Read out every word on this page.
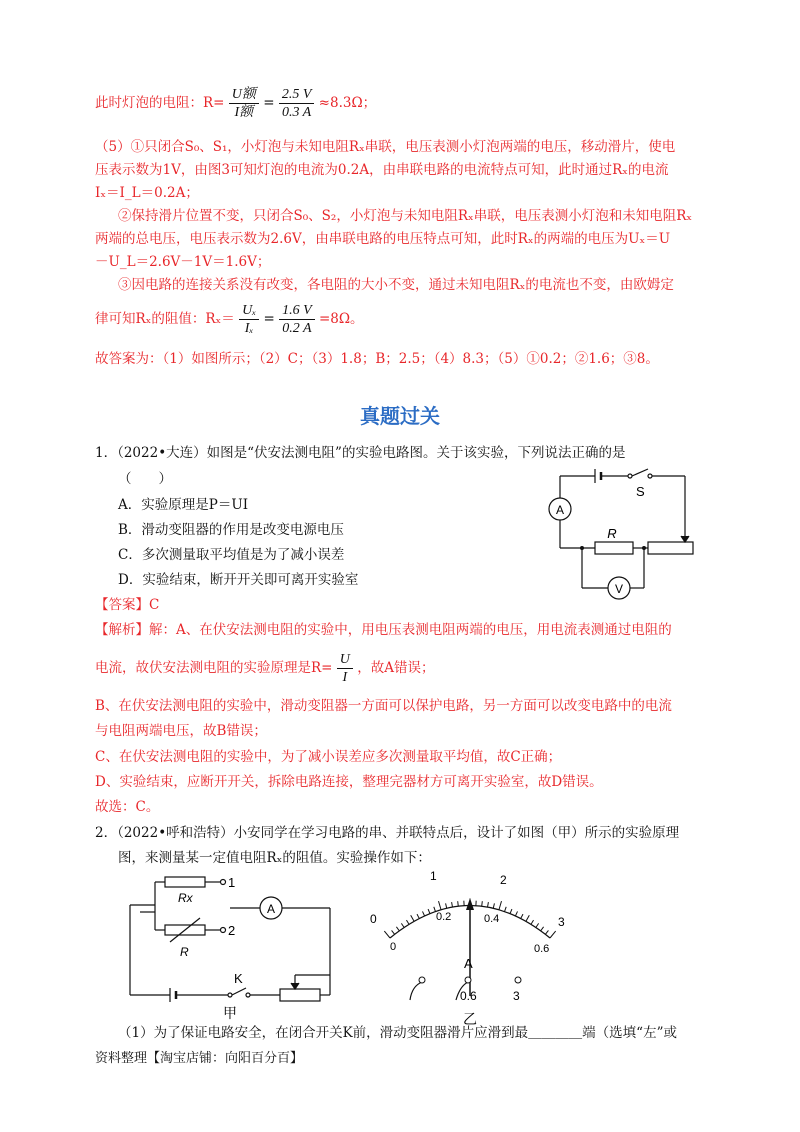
此时灯泡的电阻：$R= \frac{\text{U额}}{\text{I额}} = \frac{2.5 V}{0.3 A} \approx 8.3\Omega$；
（5）①只闭合S₀、S₁，小灯泡与未知电阻Rₓ串联，电压表测小灯泡两端的电压，移动滑片，使电
压表示数为1V，由图3可知灯泡的电流为0.2A，由串联电路的电流特点可知，此时通过Rₓ的电流
Iₓ＝I_L＝0.2A；
②保持滑片位置不变，只闭合S₀、S₂，小灯泡与未知电阻Rₓ串联，电压表测小灯泡和未知电阻Rₓ
两端的总电压，电压表示数为2.6V，由串联电路的电压特点可知，此时Rₓ的两端的电压为Uₓ＝U
－U_L＝2.6V－1V＝1.6V；
③因电路的连接关系没有改变，各电阻的大小不变，通过未知电阻Rₓ的电流也不变，由欧姆定
律可知Rₓ的阻值：$R_x= \frac{\text{Uₓ}}{\text{Iₓ}} = \frac{1.6 V}{0.2 A} =8\Omega$。
故答案为：（1）如图所示；（2）C；（3）1.8；B；2.5；（4）8.3；（5）①0.2；②1.6；③8。
真题过关
1．（2022•大连）如图是“伏安法测电阻”的实验电路图。关于该实验，下列说法正确的是
（　　）
A．实验原理是P＝UI
B．滑动变阻器的作用是改变电源电压
C．多次测量取平均值是为了减小误差
D．实验结束，断开开关即可离开实验室
【答案】C
【解析】解：A、在伏安法测电阻的实验中，用电压表测电阻两端的电压，用电流表测通过电阻的
电流，故伏安法测电阻的实验原理是$R= \frac{U}{I}$ ，故A错误；
B、在伏安法测电阻的实验中，滑动变阻器一方面可以保护电路，另一方面可以改变电路中的电流
与电阻两端电压，故B错误；
C、在伏安法测电阻的实验中，为了减小误差应多次测量取平均值，故C正确；
D、实验结束，应断开开关，拆除电路连接，整理完器材方可离开实验室，故D错误。
故选：C。
A
V
S
R
2．（2022•呼和浩特）小安同学在学习电路的串、并联特点后，设计了如图（甲）所示的实验原理
图，来测量某一定值电阻Rₓ的阻值。实验操作如下：
Rx
R
1
2
A
K
甲
0
1	2
3
0
0.2	0.4
0.6
A
0.6	3
乙
（1）为了保证电路安全，在闭合开关K前，滑动变阻器滑片应滑到最＿＿＿＿端（选填“左”或
资料整理【淘宝店铺：向阳百分百】
